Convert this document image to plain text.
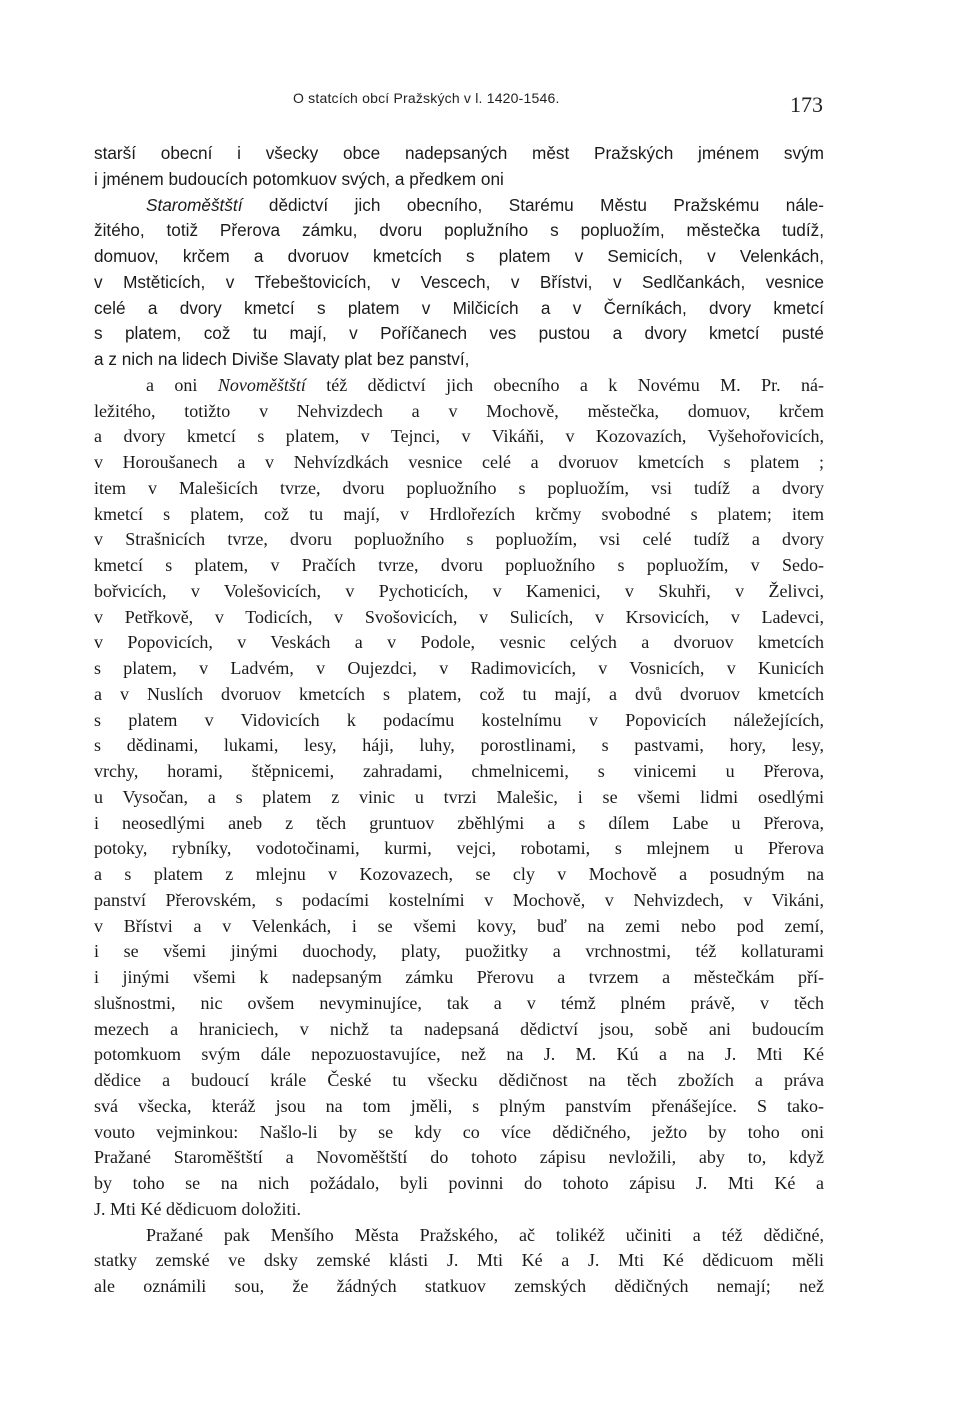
O statcích obcí Pražských v l. 1420-1546.	173
starší obecní i všecky obce nadepsaných měst Pražských jménem svým
i jménem budoucích potomkuov svých, a předkem oni
Staroměštští dědictví jich obecního, Starému Městu Pražskému nále-
žitého, totiž Přerova zámku, dvoru poplužního s popluožím, městečka tudíž,
domuov, krčem a dvoruov kmetcích s platem v Semicích, v Velenkách,
v Mstěticích, v Třebeštovicích, v Vescech, v Břístvi, v Sedlčankách, vesnice
celé a dvory kmetcí s platem v Milčicích a v Černíkách, dvory kmetcí
s platem, což tu mají, v Poříčanech ves pustou a dvory kmetcí pusté
a z nich na lidech Diviše Slavaty plat bez panství,
a oni Novoměštští též dědictví jich obecního a k Novému M. Pr. ná-
ležitého, totižto v Nehvizdech a v Mochově, městečka, domuov, krčem
a dvory kmetcí s platem, v Tejnci, v Vikáňi, v Kozovazích, Vyšehořovicích,
v Horoušanech a v Nehvízdkách vesnice celé a dvoruov kmetcích s platem ;
item v Malešicích tvrze, dvoru popluožního s popluožím, vsi tudíž a dvory
kmetcí s platem, což tu mají, v Hrdlořezích krčmy svobodné s platem; item
v Strašnicích tvrze, dvoru popluožního s popluožím, vsi celé tudíž a dvory
kmetcí s platem, v Pračích tvrze, dvoru popluožního s popluožím, v Sedo-
bořvicích, v Volešovicích, v Pychoticích, v Kamenici, v Skuhři, v Želivci,
v Petřkově, v Todicích, v Svošovicích, v Sulicích, v Krsovicích, v Ladevci,
v Popovicích, v Veskách a v Podole, vesnic celých a dvoruov kmetcích
s platem, v Ladvém, v Oujezdci, v Radimovicích, v Vosnicích, v Kunicích
a v Nuslích dvoruov kmetcích s platem, což tu mají, a dvů dvoruov kmetcích
s platem v Vidovicích k podacímu kostelnímu v Popovicích náležejících,
s dědinami, lukami, lesy, háji, luhy, porostlinami, s pastvami, hory, lesy,
vrchy, horami, štěpnicemi, zahradami, chmelnicemi, s vinicemi u Přerova,
u Vysočan, a s platem z vinic u tvrzi Malešic, i se všemi lidmi osedlými
i neosedlými aneb z těch gruntuov zběhlými a s dílem Labe u Přerova,
potoky, rybníky, vodotočinami, kurmi, vejci, robotami, s mlejnem u Přerova
a s platem z mlejnu v Kozovazech, se cly v Mochově a posudným na
panství Přerovském, s podacími kostelními v Mochově, v Nehvizdech, v Vikáni,
v Břístvi a v Velenkách, i se všemi kovy, buď na zemi nebo pod zemí,
i se všemi jinými duochody, platy, puožitky a vrchnostmi, též kollaturami
i jinými všemi k nadepsaným zámku Přerovu a tvrzem a městečkám pří-
slušnostmi, nic ovšem nevyminujíce, tak a v témž plném právě, v těch
mezech a hraniciech, v nichž ta nadepsaná dědictví jsou, sobě ani budoucím
potomkuom svým dále nepozuostavujíce, než na J. M. Kú a na J. Mti Ké
dědice a budoucí krále České tu všecku dědičnost na těch zbožích a práva
svá všecka, kteráž jsou na tom jměli, s plným panstvím přenášejíce. S tako-
vouto vejminkou: Našlo-li by se kdy co více dědičného, ježto by toho oni
Pražané Staroměštští a Novoměštští do tohoto zápisu nevložili, aby to, když
by toho se na nich požádalo, byli povinni do tohoto zápisu J. Mti Ké a
J. Mti Ké dědicuom doložiti.
Pražané pak Menšího Města Pražského, ač tolikéž učiniti a též dědičné,
statky zemské ve dsky zemské klásti J. Mti Ké a J. Mti Ké dědicuom měli
ale oznámili sou, že žádných statkuov zemských dědičných nemají; než
